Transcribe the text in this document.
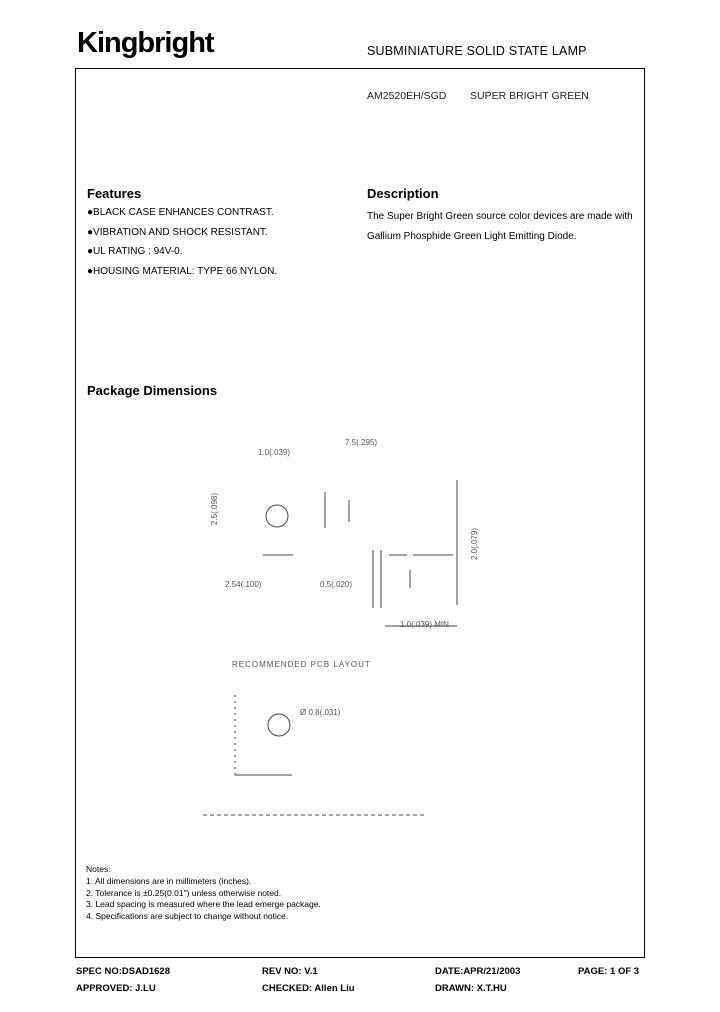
Kingbright	SUBMINIATURE SOLID STATE LAMP
AM2520EH/SGD SUPER BRIGHT GREEN
Features
●BLACK CASE ENHANCES CONTRAST.
●VIBRATION AND SHOCK RESISTANT.
●UL RATING : 94V-0.
●HOUSING MATERIAL: TYPE 66 NYLON.
Description
The Super Bright Green source color devices are made with Gallium Phosphide Green Light Emitting Diode.
Package Dimensions
1.0(.039)
7.5(.295)
2.5(.098)
2.54(.100)	0.5(.020)
1.0(.039) MIN
2.0(.079)
RECOMMENDED PCB LAYOUT
Ø 0.8(.031)
Notes:
1. All dimensions are in millimeters (inches).
2. Tolerance is ±0.25(0.01") unless otherwise noted.
3. Lead spacing is measured where the lead emerge package.
4. Specifications are subject to change without notice.
SPEC NO:DSAD1628	REV NO: V.1	DATE:APR/21/2003	PAGE: 1 OF 3
APPROVED: J.LU	CHECKED: Allen Liu	DRAWN: X.T.HU
